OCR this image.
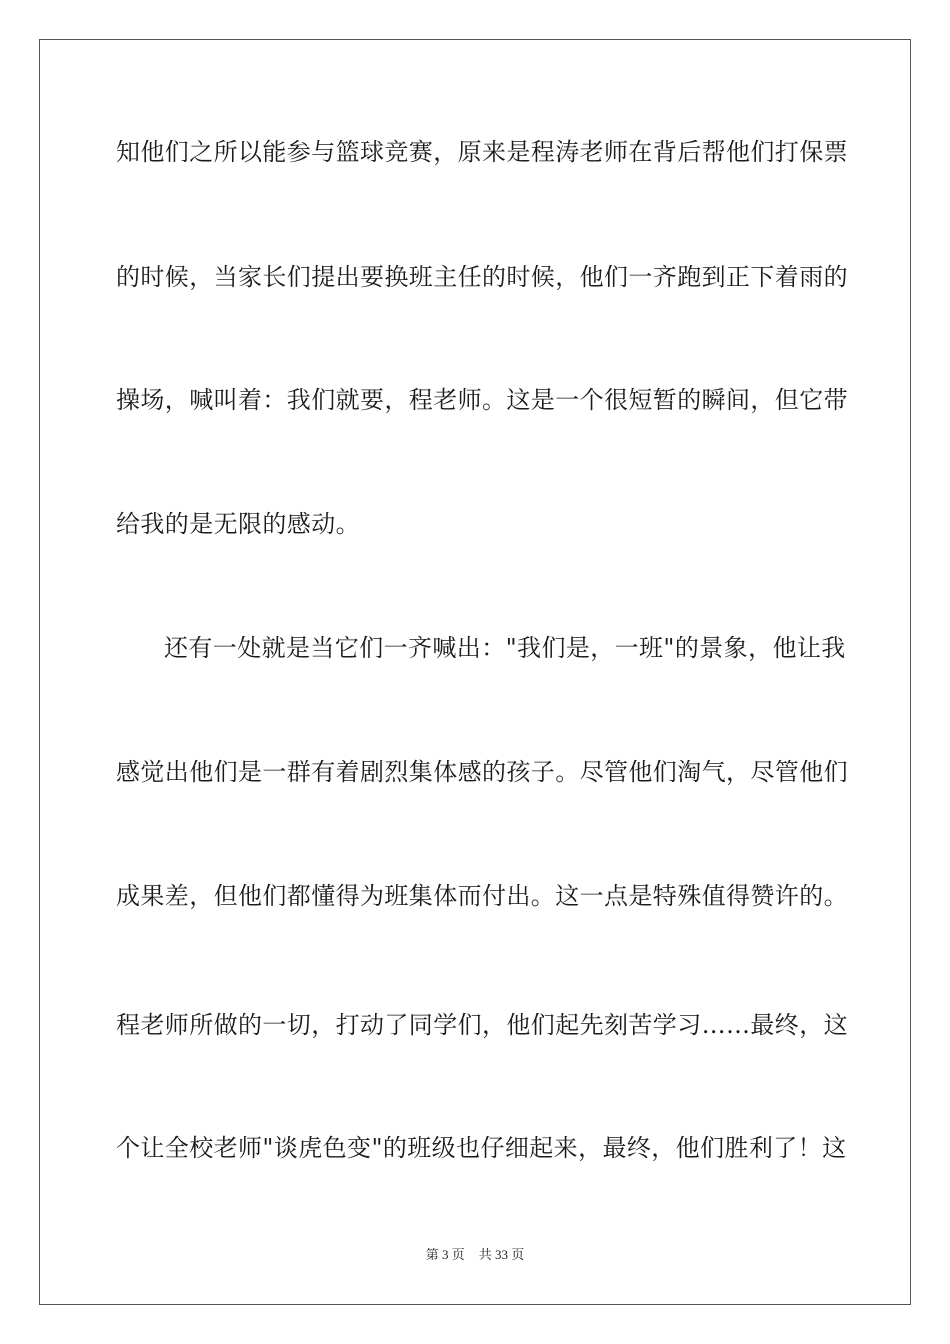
知他们之所以能参与篮球竞赛，原来是程涛老师在背后帮他们打保票
的时候，当家长们提出要换班主任的时候，他们一齐跑到正下着雨的
操场，喊叫着：我们就要，程老师。这是一个很短暂的瞬间，但它带
给我的是无限的感动。
还有一处就是当它们一齐喊出："我们是，一班"的景象，他让我
感觉出他们是一群有着剧烈集体感的孩子。尽管他们淘气，尽管他们
成果差，但他们都懂得为班集体而付出。这一点是特殊值得赞许的。
程老师所做的一切，打动了同学们，他们起先刻苦学习……最终，这
个让全校老师"谈虎色变"的班级也仔细起来，最终，他们胜利了！这
第 3 页 共 33 页
